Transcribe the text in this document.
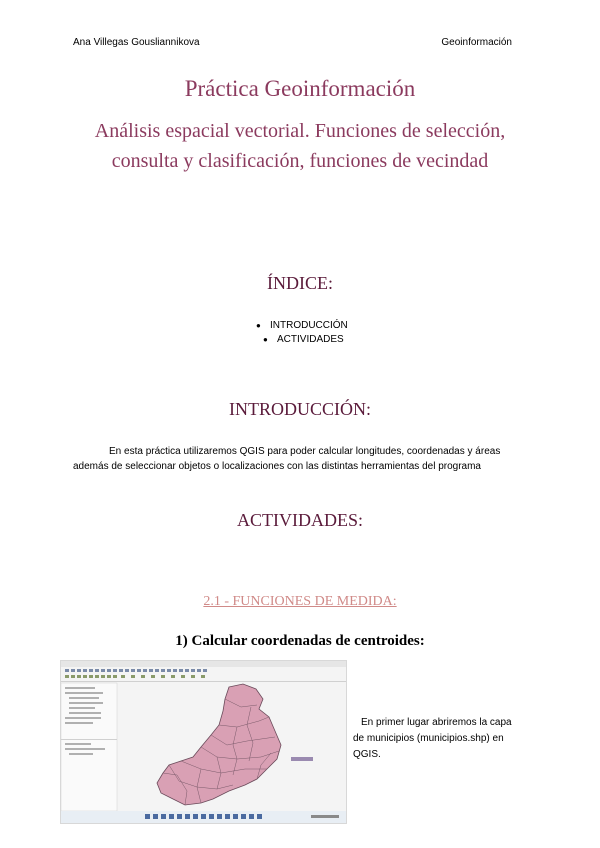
Ana Villegas Gousliannikova	Geoinformación
Práctica Geoinformación
Análisis espacial vectorial. Funciones de selección, consulta y clasificación, funciones de vecindad
ÍNDICE:
● INTRODUCCIÓN
● ACTIVIDADES
INTRODUCCIÓN:
En esta práctica utilizaremos QGIS para poder calcular longitudes, coordenadas y áreas además de seleccionar objetos o localizaciones con las distintas herramientas del programa
ACTIVIDADES:
2.1 - FUNCIONES DE MEDIDA:
1) Calcular coordenadas de centroides:
En primer lugar abriremos la capa de municipios (municipios.shp) en QGIS.
